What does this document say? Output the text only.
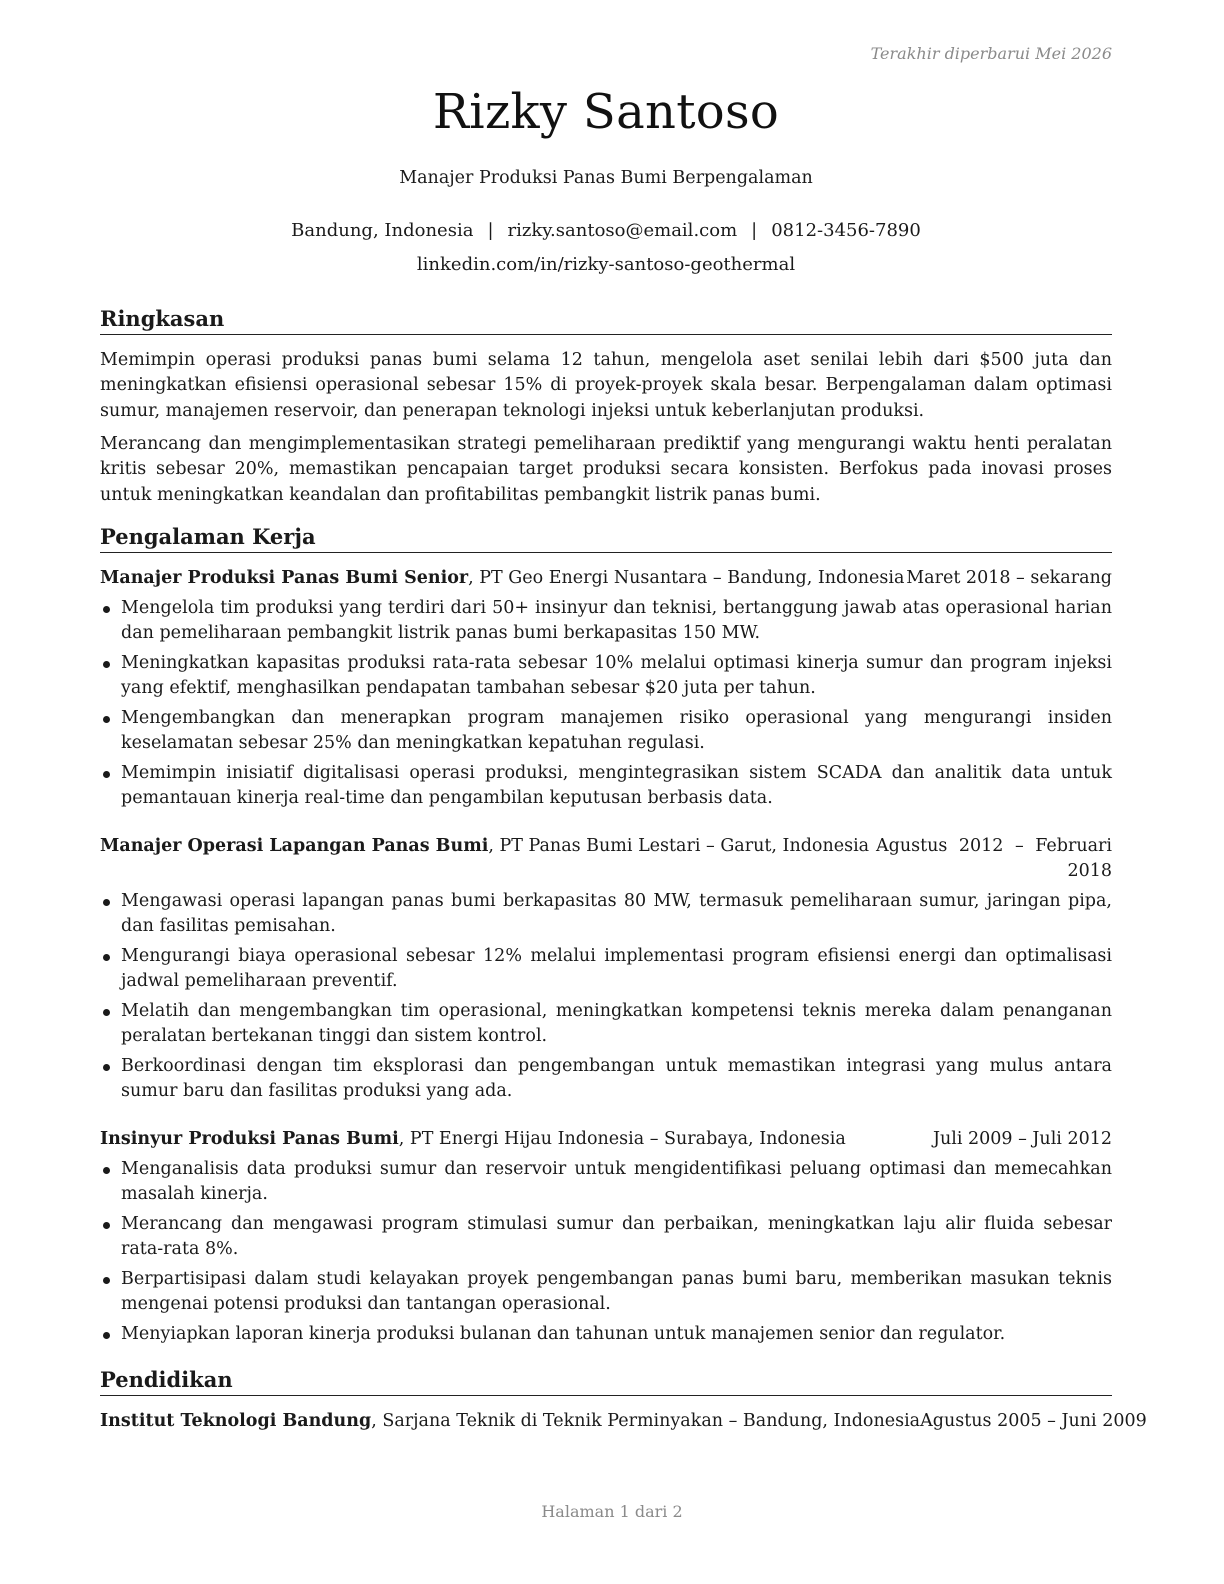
Terakhir diperbarui Mei 2026
Rizky Santoso
Manajer Produksi Panas Bumi Berpengalaman
Bandung, Indonesia | rizky.santoso@email.com | 0812-3456-7890
linkedin.com/in/rizky-santoso-geothermal
Ringkasan

Memimpin operasi produksi panas bumi selama 12 tahun, mengelola aset senilai lebih dari $500 juta dan meningkatkan efisiensi operasional sebesar 15% di proyek-proyek skala besar. Berpengalaman dalam optimasi sumur, manajemen reservoir, dan penerapan teknologi injeksi untuk keberlanjutan produksi.

Merancang dan mengimplementasikan strategi pemeliharaan prediktif yang mengurangi waktu henti peralatan kritis sebesar 20%, memastikan pencapaian target produksi secara konsisten. Berfokus pada inovasi proses untuk meningkatkan keandalan dan profitabilitas pembangkit listrik panas bumi.

Pengalaman Kerja
Manajer Produksi Panas Bumi Senior, PT Geo Energi Nusantara – Bandung, Indonesia Maret 2018 – sekarang
Mengelola tim produksi yang terdiri dari 50+ insinyur dan teknisi, bertanggung jawab atas operasional harian dan pemeliharaan pembangkit listrik panas bumi berkapasitas 150 MW.
Meningkatkan kapasitas produksi rata-rata sebesar 10% melalui optimasi kinerja sumur dan program injeksi yang efektif, menghasilkan pendapatan tambahan sebesar $20 juta per tahun.
Mengembangkan dan menerapkan program manajemen risiko operasional yang mengurangi insiden keselamatan sebesar 25% dan meningkatkan kepatuhan regulasi.
Memimpin inisiatif digitalisasi operasi produksi, mengintegrasikan sistem SCADA dan analitik data untuk pemantauan kinerja real-time dan pengambilan keputusan berbasis data.
Manajer Operasi Lapangan Panas Bumi, PT Panas Bumi Lestari – Garut, Indonesia Agustus 2012 – Februari 2018
Mengawasi operasi lapangan panas bumi berkapasitas 80 MW, termasuk pemeliharaan sumur, jaringan pipa, dan fasilitas pemisahan.
Mengurangi biaya operasional sebesar 12% melalui implementasi program efisiensi energi dan optimalisasi jadwal pemeliharaan preventif.
Melatih dan mengembangkan tim operasional, meningkatkan kompetensi teknis mereka dalam penanganan peralatan bertekanan tinggi dan sistem kontrol.
Berkoordinasi dengan tim eksplorasi dan pengembangan untuk memastikan integrasi yang mulus antara sumur baru dan fasilitas produksi yang ada.
Insinyur Produksi Panas Bumi, PT Energi Hijau Indonesia – Surabaya, Indonesia	Juli 2009 – Juli 2012
Menganalisis data produksi sumur dan reservoir untuk mengidentifikasi peluang optimasi dan memecahkan masalah kinerja.
Merancang dan mengawasi program stimulasi sumur dan perbaikan, meningkatkan laju alir fluida sebesar rata-rata 8%.
Berpartisipasi dalam studi kelayakan proyek pengembangan panas bumi baru, memberikan masukan teknis mengenai potensi produksi dan tantangan operasional.
Menyiapkan laporan kinerja produksi bulanan dan tahunan untuk manajemen senior dan regulator.
Pendidikan
Institut Teknologi Bandung, Sarjana Teknik di Teknik Perminyakan – Bandung, Indonesia Agustus 2005 – Juni 2009
Halaman 1 dari 2
